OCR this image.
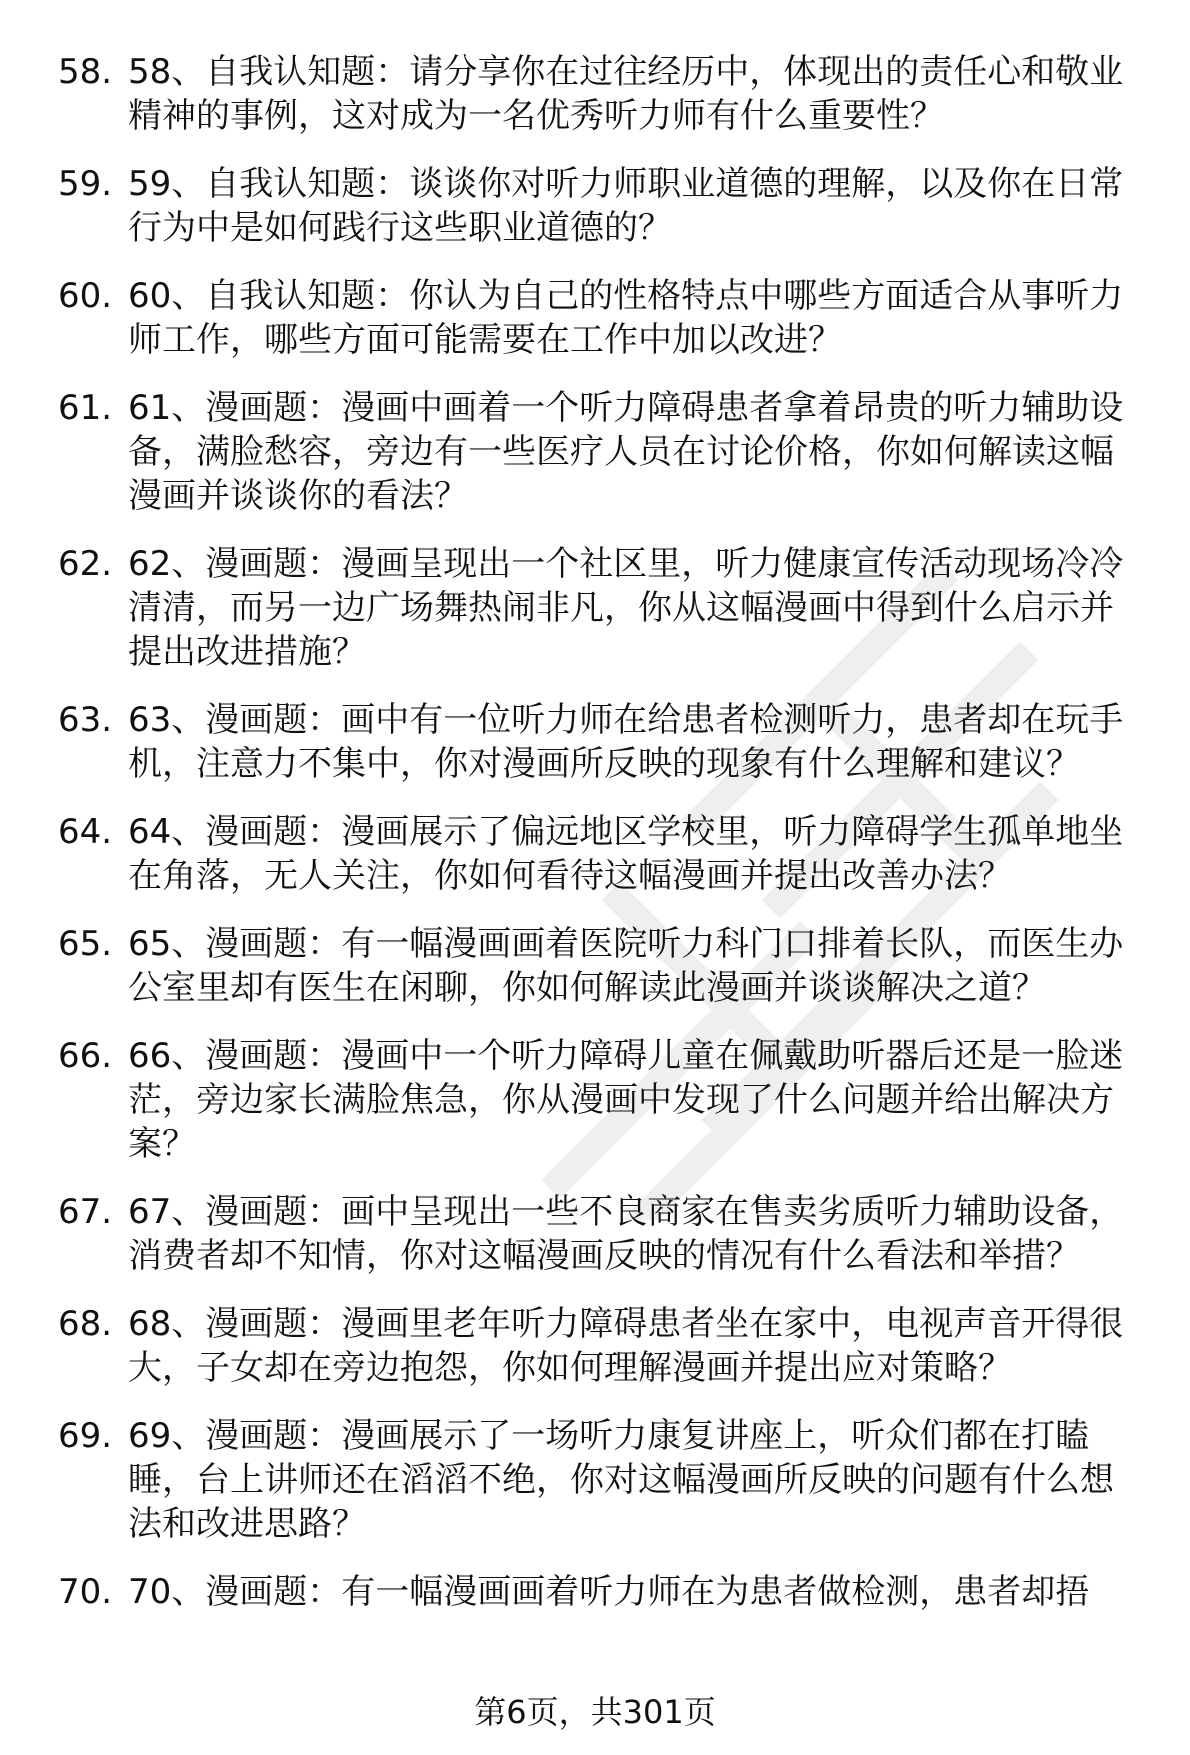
58. 58、自我认知题：请分享你在过往经历中，体现出的责任心和敬业精神的事例，这对成为一名优秀听力师有什么重要性？
59. 59、自我认知题：谈谈你对听力师职业道德的理解，以及你在日常行为中是如何践行这些职业道德的？
60. 60、自我认知题：你认为自己的性格特点中哪些方面适合从事听力师工作，哪些方面可能需要在工作中加以改进？
61. 61、漫画题：漫画中画着一个听力障碍患者拿着昂贵的听力辅助设备，满脸愁容，旁边有一些医疗人员在讨论价格，你如何解读这幅漫画并谈谈你的看法？
62. 62、漫画题：漫画呈现出一个社区里，听力健康宣传活动现场冷冷清清，而另一边广场舞热闹非凡，你从这幅漫画中得到什么启示并提出改进措施？
63. 63、漫画题：画中有一位听力师在给患者检测听力，患者却在玩手机，注意力不集中，你对漫画所反映的现象有什么理解和建议？
64. 64、漫画题：漫画展示了偏远地区学校里，听力障碍学生孤单地坐在角落，无人关注，你如何看待这幅漫画并提出改善办法？
65. 65、漫画题：有一幅漫画画着医院听力科门口排着长队，而医生办公室里却有医生在闲聊，你如何解读此漫画并谈谈解决之道？
66. 66、漫画题：漫画中一个听力障碍儿童在佩戴助听器后还是一脸迷茫，旁边家长满脸焦急，你从漫画中发现了什么问题并给出解决方案？
67. 67、漫画题：画中呈现出一些不良商家在售卖劣质听力辅助设备，消费者却不知情，你对这幅漫画反映的情况有什么看法和举措？
68. 68、漫画题：漫画里老年听力障碍患者坐在家中，电视声音开得很大，子女却在旁边抱怨，你如何理解漫画并提出应对策略？
69. 69、漫画题：漫画展示了一场听力康复讲座上，听众们都在打瞌睡，台上讲师还在滔滔不绝，你对这幅漫画所反映的问题有什么想法和改进思路？
70. 70、漫画题：有一幅漫画画着听力师在为患者做检测，患者却捂
第6页，共301页
